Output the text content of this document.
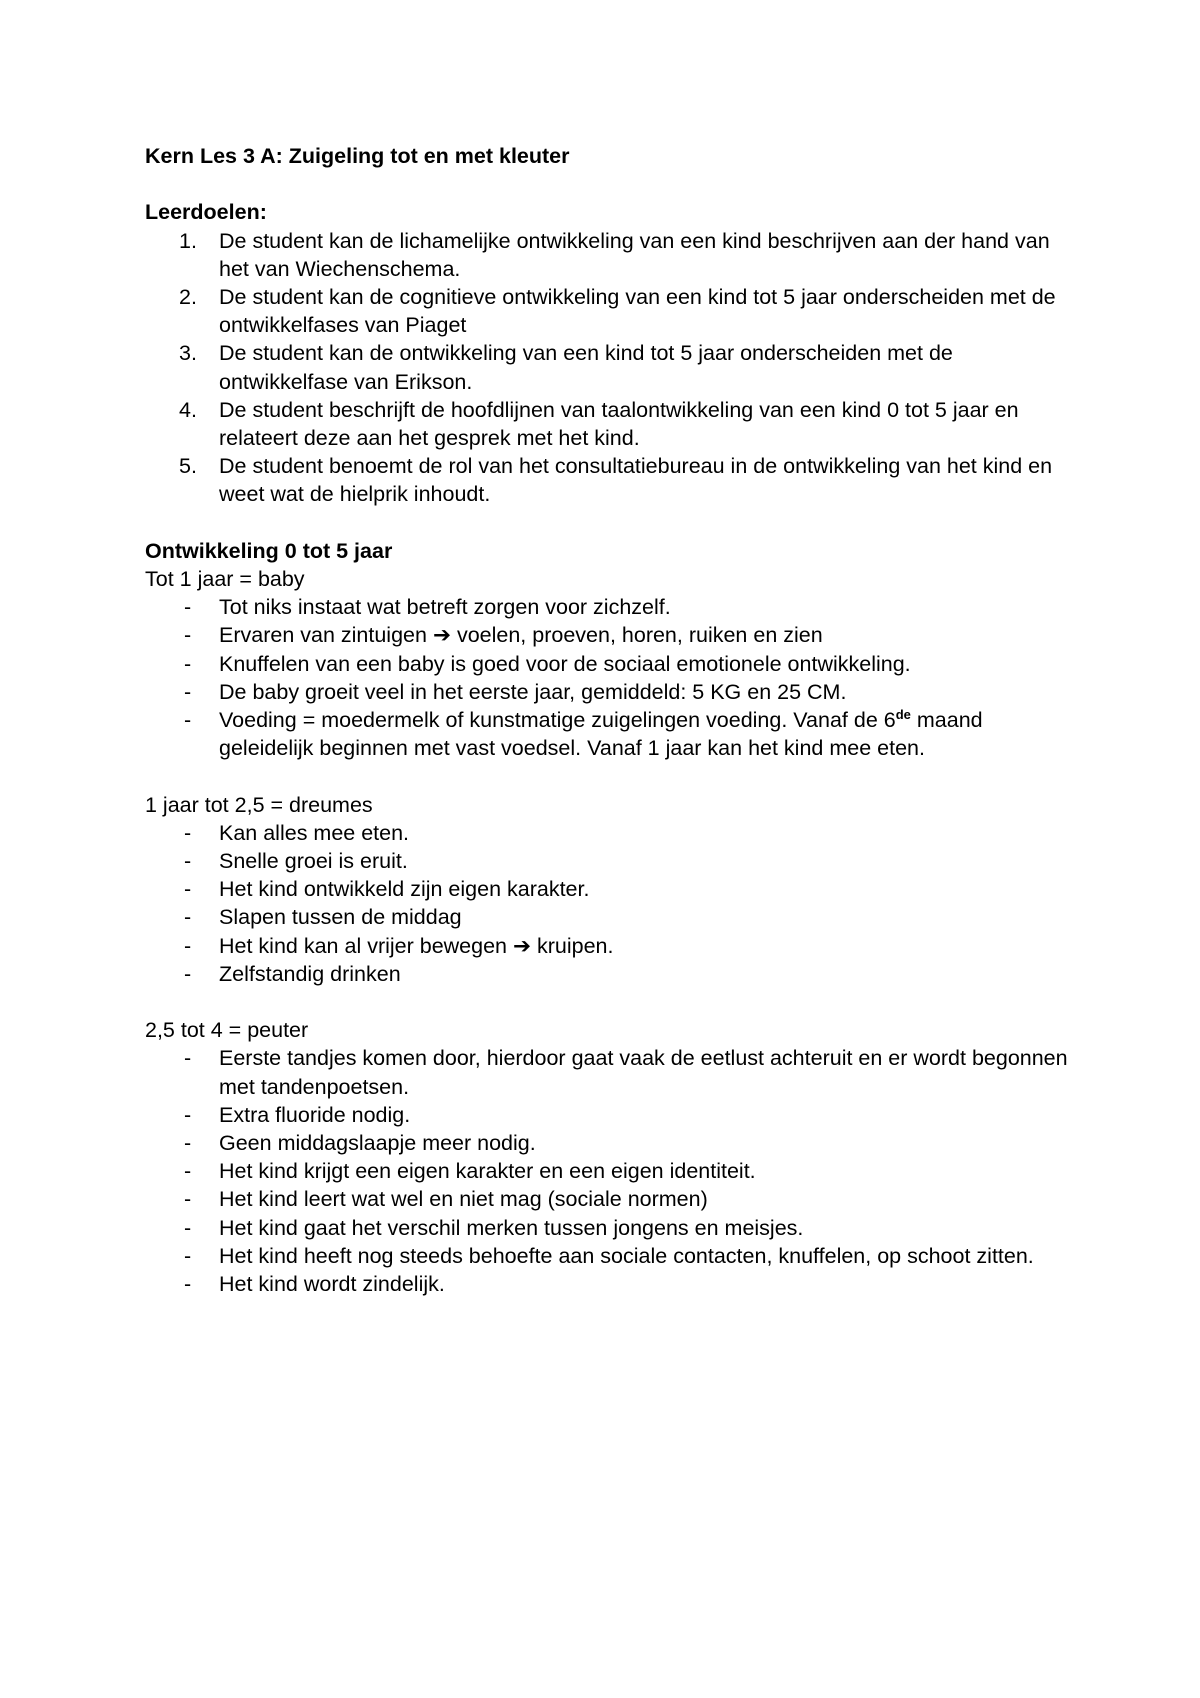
Kern Les 3 A: Zuigeling tot en met kleuter

Leerdoelen:

1. De student kan de lichamelijke ontwikkeling van een kind beschrijven aan der hand van het van Wiechenschema.
2. De student kan de cognitieve ontwikkeling van een kind tot 5 jaar onderscheiden met de ontwikkelfases van Piaget
3. De student kan de ontwikkeling van een kind tot 5 jaar onderscheiden met de ontwikkelfase van Erikson.
4. De student beschrijft de hoofdlijnen van taalontwikkeling van een kind 0 tot 5 jaar en relateert deze aan het gesprek met het kind.
5. De student benoemt de rol van het consultatiebureau in de ontwikkeling van het kind en weet wat de hielprik inhoudt.

Ontwikkeling 0 tot 5 jaar

Tot 1 jaar = baby

- Tot niks instaat wat betreft zorgen voor zichzelf.
- Ervaren van zintuigen ➔ voelen, proeven, horen, ruiken en zien
- Knuffelen van een baby is goed voor de sociaal emotionele ontwikkeling.
- De baby groeit veel in het eerste jaar, gemiddeld: 5 KG en 25 CM.
- Voeding = moedermelk of kunstmatige zuigelingen voeding. Vanaf de 6de maand geleidelijk beginnen met vast voedsel. Vanaf 1 jaar kan het kind mee eten.

1 jaar tot 2,5 = dreumes

- Kan alles mee eten.
- Snelle groei is eruit.
- Het kind ontwikkeld zijn eigen karakter.
- Slapen tussen de middag
- Het kind kan al vrijer bewegen ➔ kruipen.
- Zelfstandig drinken

2,5 tot 4 = peuter

- Eerste tandjes komen door, hierdoor gaat vaak de eetlust achteruit en er wordt begonnen met tandenpoetsen.
- Extra fluoride nodig.
- Geen middagslaapje meer nodig.
- Het kind krijgt een eigen karakter en een eigen identiteit.
- Het kind leert wat wel en niet mag (sociale normen)
- Het kind gaat het verschil merken tussen jongens en meisjes.
- Het kind heeft nog steeds behoefte aan sociale contacten, knuffelen, op schoot zitten.
- Het kind wordt zindelijk.
